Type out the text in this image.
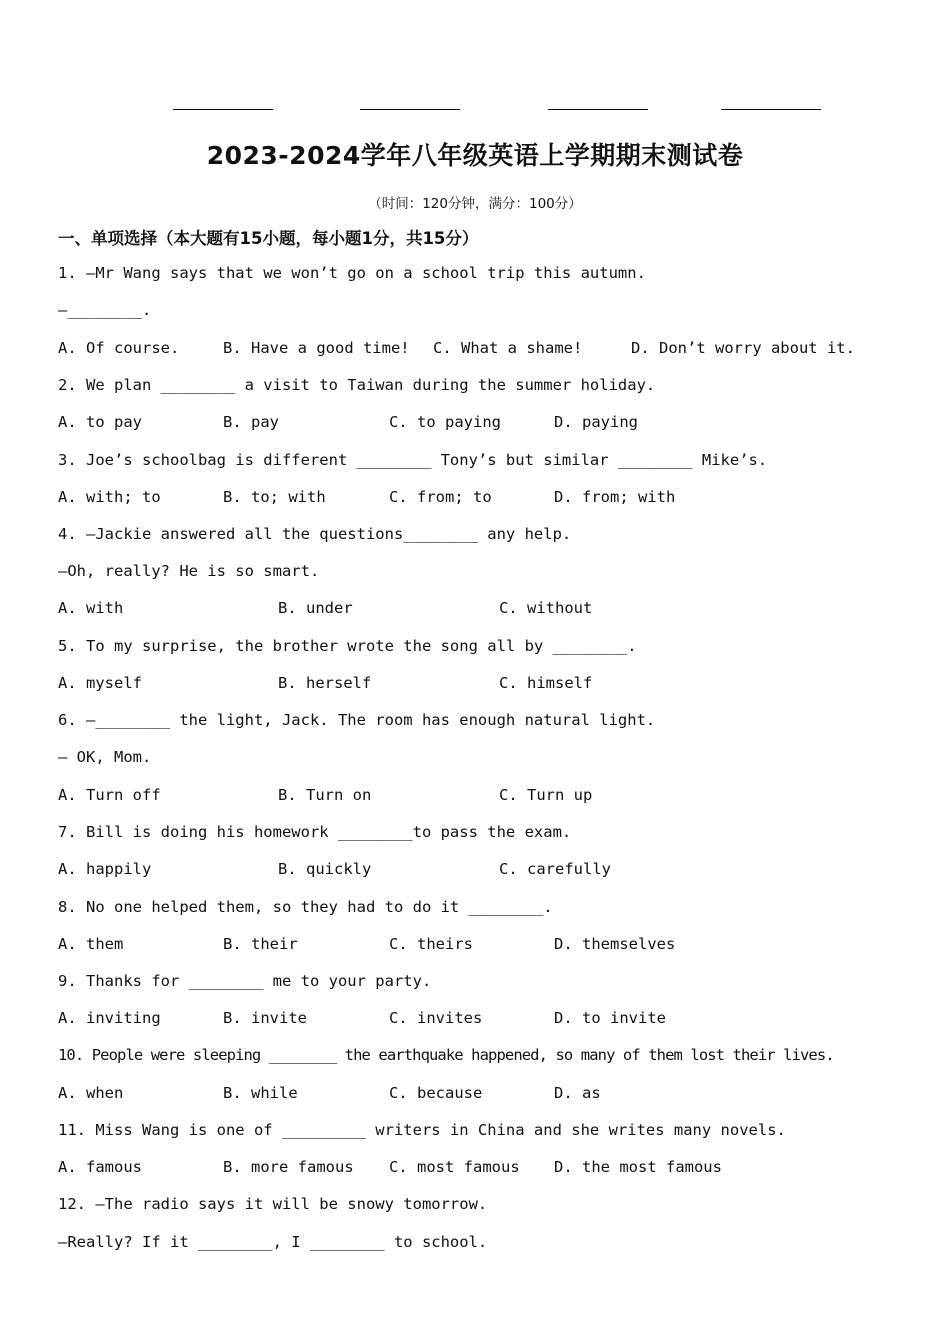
2023-2024学年八年级英语上学期期末测试卷
（时间：120分钟，满分：100分）
一、单项选择（本大题有15小题，每小题1分，共15分）
1. —Mr Wang says that we won’t go on a school trip this autumn.
—________.
A. Of course.	B. Have a good time! C. What a shame!	D. Don’t worry about it.
2. We plan ________ a visit to Taiwan during the summer holiday.
A. to pay	B. pay	C. to paying	D. paying
3. Joe’s schoolbag is different ________ Tony’s but similar ________ Mike’s.
A. with; to	B. to; with	C. from; to	D. from; with
4. —Jackie answered all the questions________ any help.
—Oh, really? He is so smart.
A. with	B. under	C. without
5. To my surprise, the brother wrote the song all by ________.
A. myself	B. herself	C. himself
6. —________ the light, Jack. The room has enough natural light.
— OK, Mom.
A. Turn off	B. Turn on	C. Turn up
7. Bill is doing his homework ________to pass the exam.
A. happily	B. quickly	C. carefully
8. No one helped them, so they had to do it ________.
A. them	B. their	C. theirs	D. themselves
9. Thanks for ________ me to your party.
A. inviting	B. invite	C. invites	D. to invite
10. People were sleeping ________ the earthquake happened, so many of them lost their lives.
A. when	B. while	C. because	D. as
11. Miss Wang is one of _________ writers in China and she writes many novels.
A. famous	B. more famous C. most famous D. the most famous
12. —The radio says it will be snowy tomorrow.
—Really? If it ________, I ________ to school.
